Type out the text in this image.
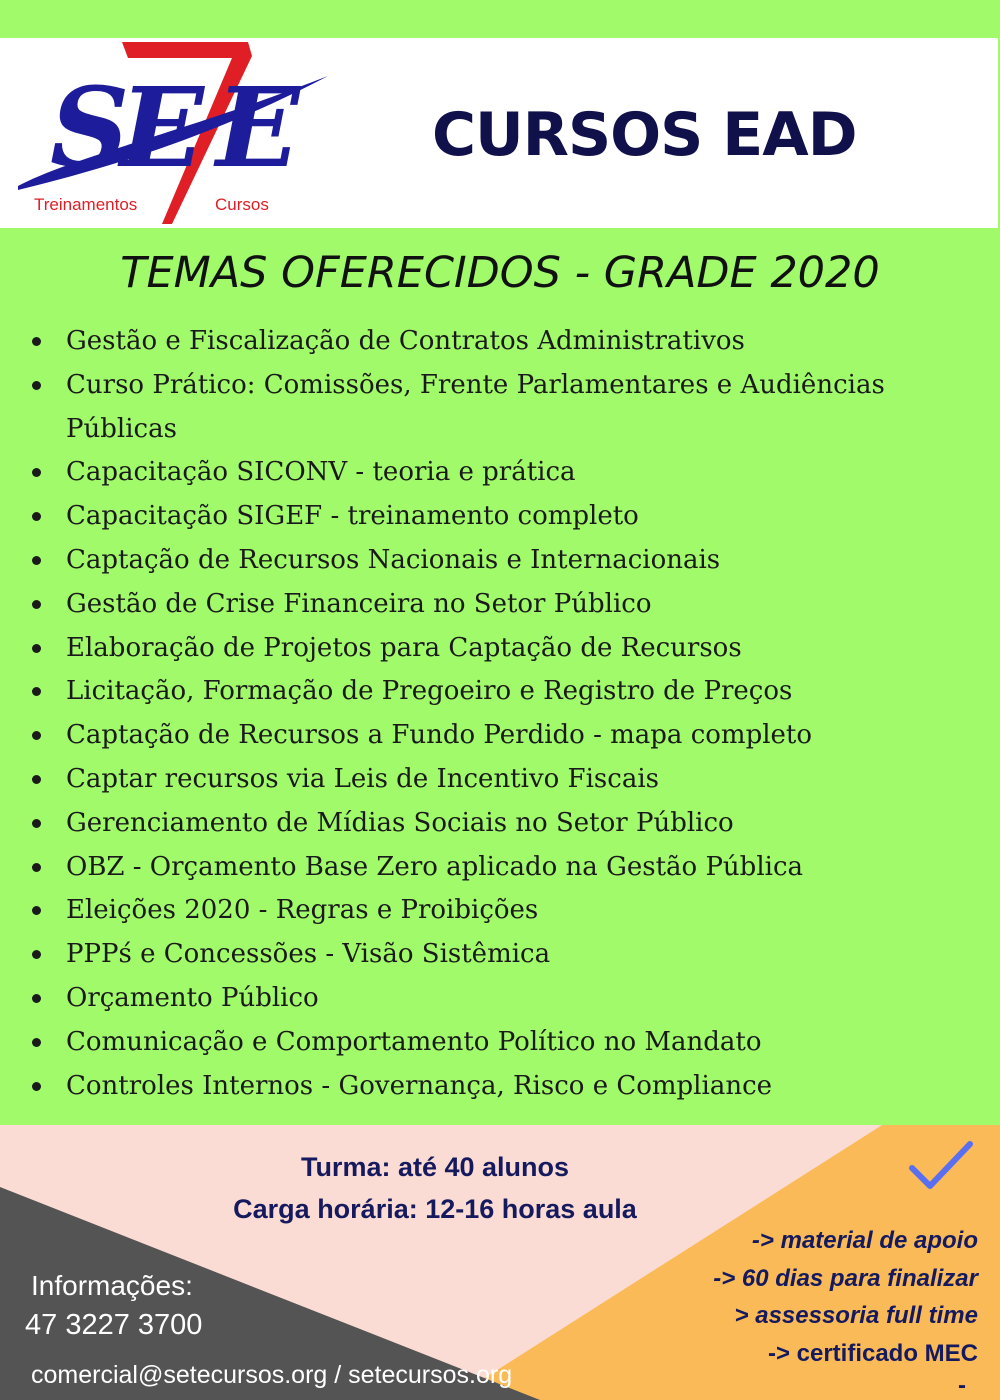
S
E E
Treinamentos	Cursos
CURSOS EAD
TEMAS OFERECIDOS - GRADE 2020
Gestão e Fiscalização de Contratos Administrativos
Curso Prático: Comissões, Frente Parlamentares e Audiências Públicas
Capacitação SICONV - teoria e prática
Capacitação SIGEF - treinamento completo
Captação de Recursos Nacionais e Internacionais
Gestão de Crise Financeira no Setor Público
Elaboração de Projetos para Captação de Recursos
Licitação, Formação de Pregoeiro e Registro de Preços
Captação de Recursos a Fundo Perdido - mapa completo
Captar recursos via Leis de Incentivo Fiscais
Gerenciamento de Mídias Sociais no Setor Público
OBZ - Orçamento Base Zero aplicado na Gestão Pública
Eleições 2020 - Regras e Proibições
PPPś e Concessões - Visão Sistêmica
Orçamento Público
Comunicação e Comportamento Político no Mandato
Controles Internos - Governança, Risco e Compliance
Turma: até 40 alunos
Carga horária: 12-16 horas aula
Informações:
47 3227 3700
comercial@setecursos.org / setecursos.org
-> material de apoio
-> 60 dias para finalizar
> assessoria full time
-> certificado MEC
-
